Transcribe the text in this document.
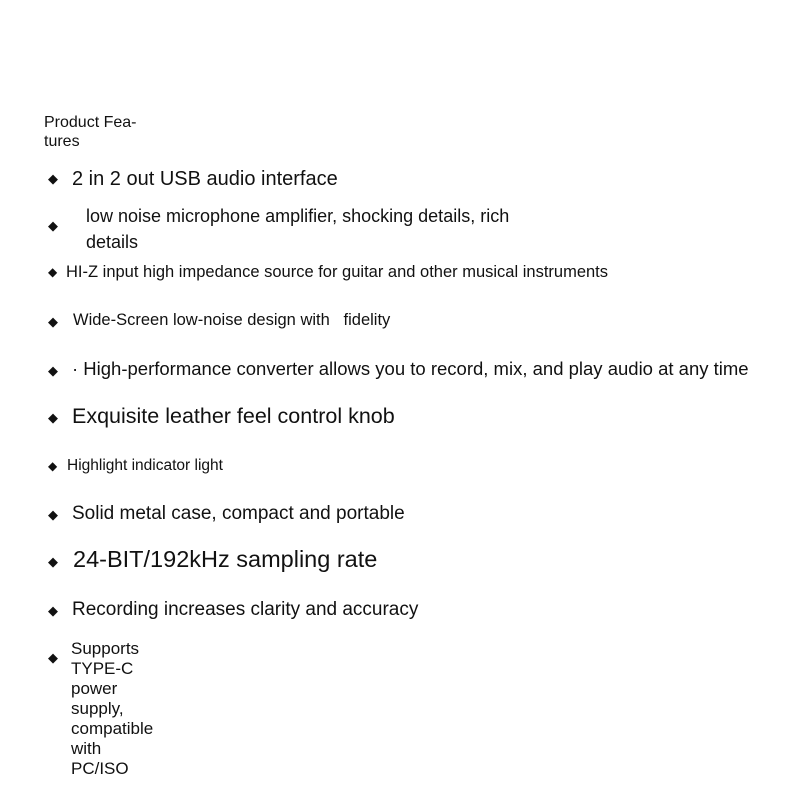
Product Fea-
tures
◆ 2 in 2 out USB audio interface
◆ low noise microphone amplifier, shocking details, rich
details
◆ HI-Z input high impedance source for guitar and other musical instruments
◆ Wide-Screen low-noise design with   fidelity
◆ · High-performance converter allows you to record, mix, and play audio at any time
◆ Exquisite leather feel control knob
◆ Highlight indicator light
◆ Solid metal case, compact and portable
◆ 24-BIT/192kHz sampling rate
◆ Recording increases clarity and accuracy
◆ Supports TYPE-C power supply, compatible with
PC/ISO
